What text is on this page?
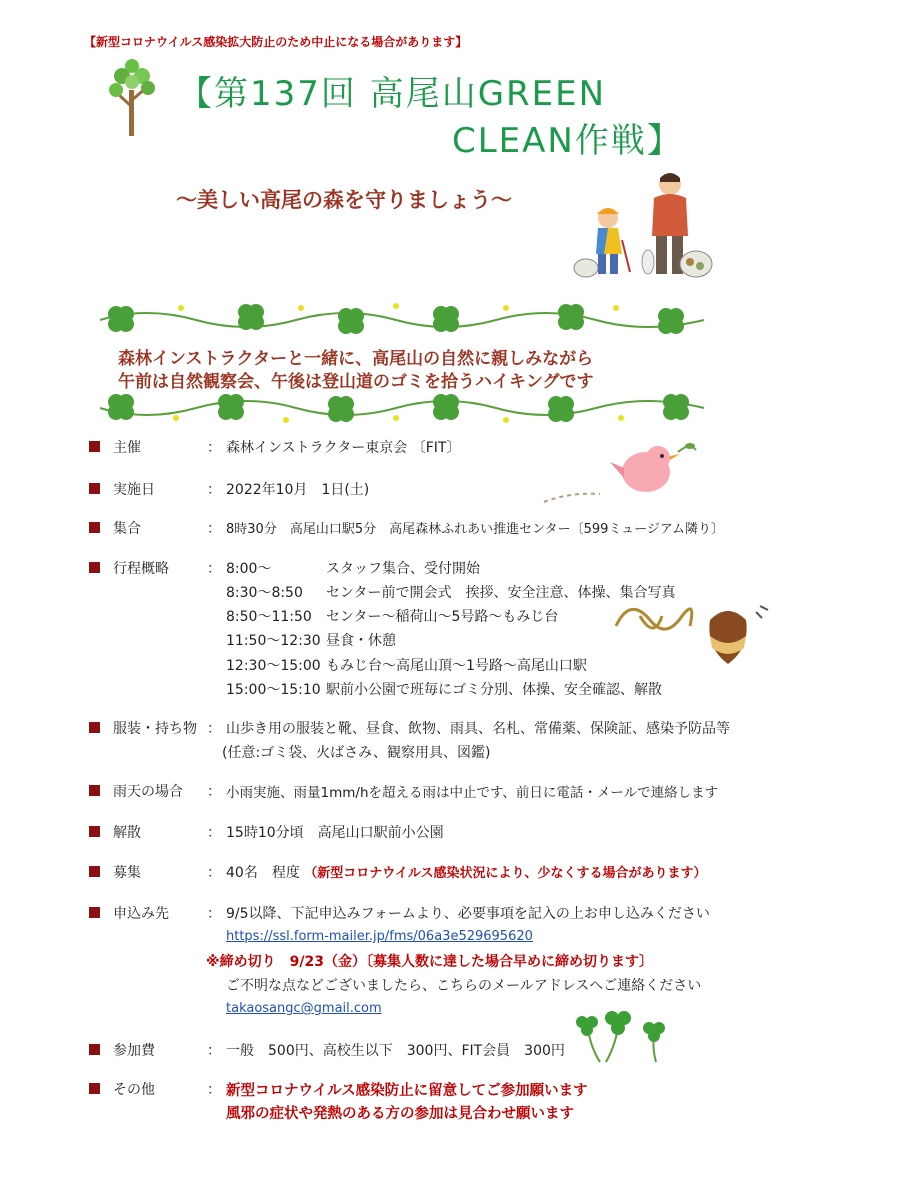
【新型コロナウイルス感染拡大防止のため中止になる場合があります】
【第137回 高尾山GREEN
CLEAN作戦】
～美しい高尾の森を守りましょう～
森林インストラクターと一緒に、高尾山の自然に親しみながら
午前は自然観察会、午後は登山道のゴミを拾うハイキングです
主催	： 森林インストラクター東京会 〔FIT〕
実施日	： 2022年10月　1日(土)
集合	： 8時30分　高尾山口駅5分　高尾森林ふれあい推進センター〔599ミュージアム隣り〕
行程概略	： 8:00～	スタッフ集合、受付開始
8:30～8:50 センター前で開会式　挨拶、安全注意、体操、集合写真
8:50～11:50 センター～稲荷山～5号路～もみじ台
11:50～12:30 昼食・休憩
12:30～15:00 もみじ台～高尾山頂～1号路～高尾山口駅
15:00～15:10 駅前小公園で班毎にゴミ分別、体操、安全確認、解散
服装・持ち物 ： 山歩き用の服装と靴、昼食、飲物、雨具、名札、常備薬、保険証、感染予防品等
(任意:ゴミ袋、火ばさみ、観察用具、図鑑)
雨天の場合 ： 小雨実施、雨量1mm/hを超える雨は中止です、前日に電話・メールで連絡します
解散	： 15時10分頃　高尾山口駅前小公園
募集	： 40名　程度 （新型コロナウイルス感染状況により、少なくする場合があります）
申込み先	： 9/5以降、下記申込みフォームより、必要事項を記入の上お申し込みください
https://ssl.form-mailer.jp/fms/06a3e529695620
※締め切り　9/23（金）〔募集人数に達した場合早めに締め切ります〕
ご不明な点などございましたら、こちらのメールアドレスへご連絡ください
takaosangc@gmail.com
参加費	： 一般　500円、高校生以下　300円、FIT会員　300円
その他	： 新型コロナウイルス感染防止に留意してご参加願います
風邪の症状や発熱のある方の参加は見合わせ願います
